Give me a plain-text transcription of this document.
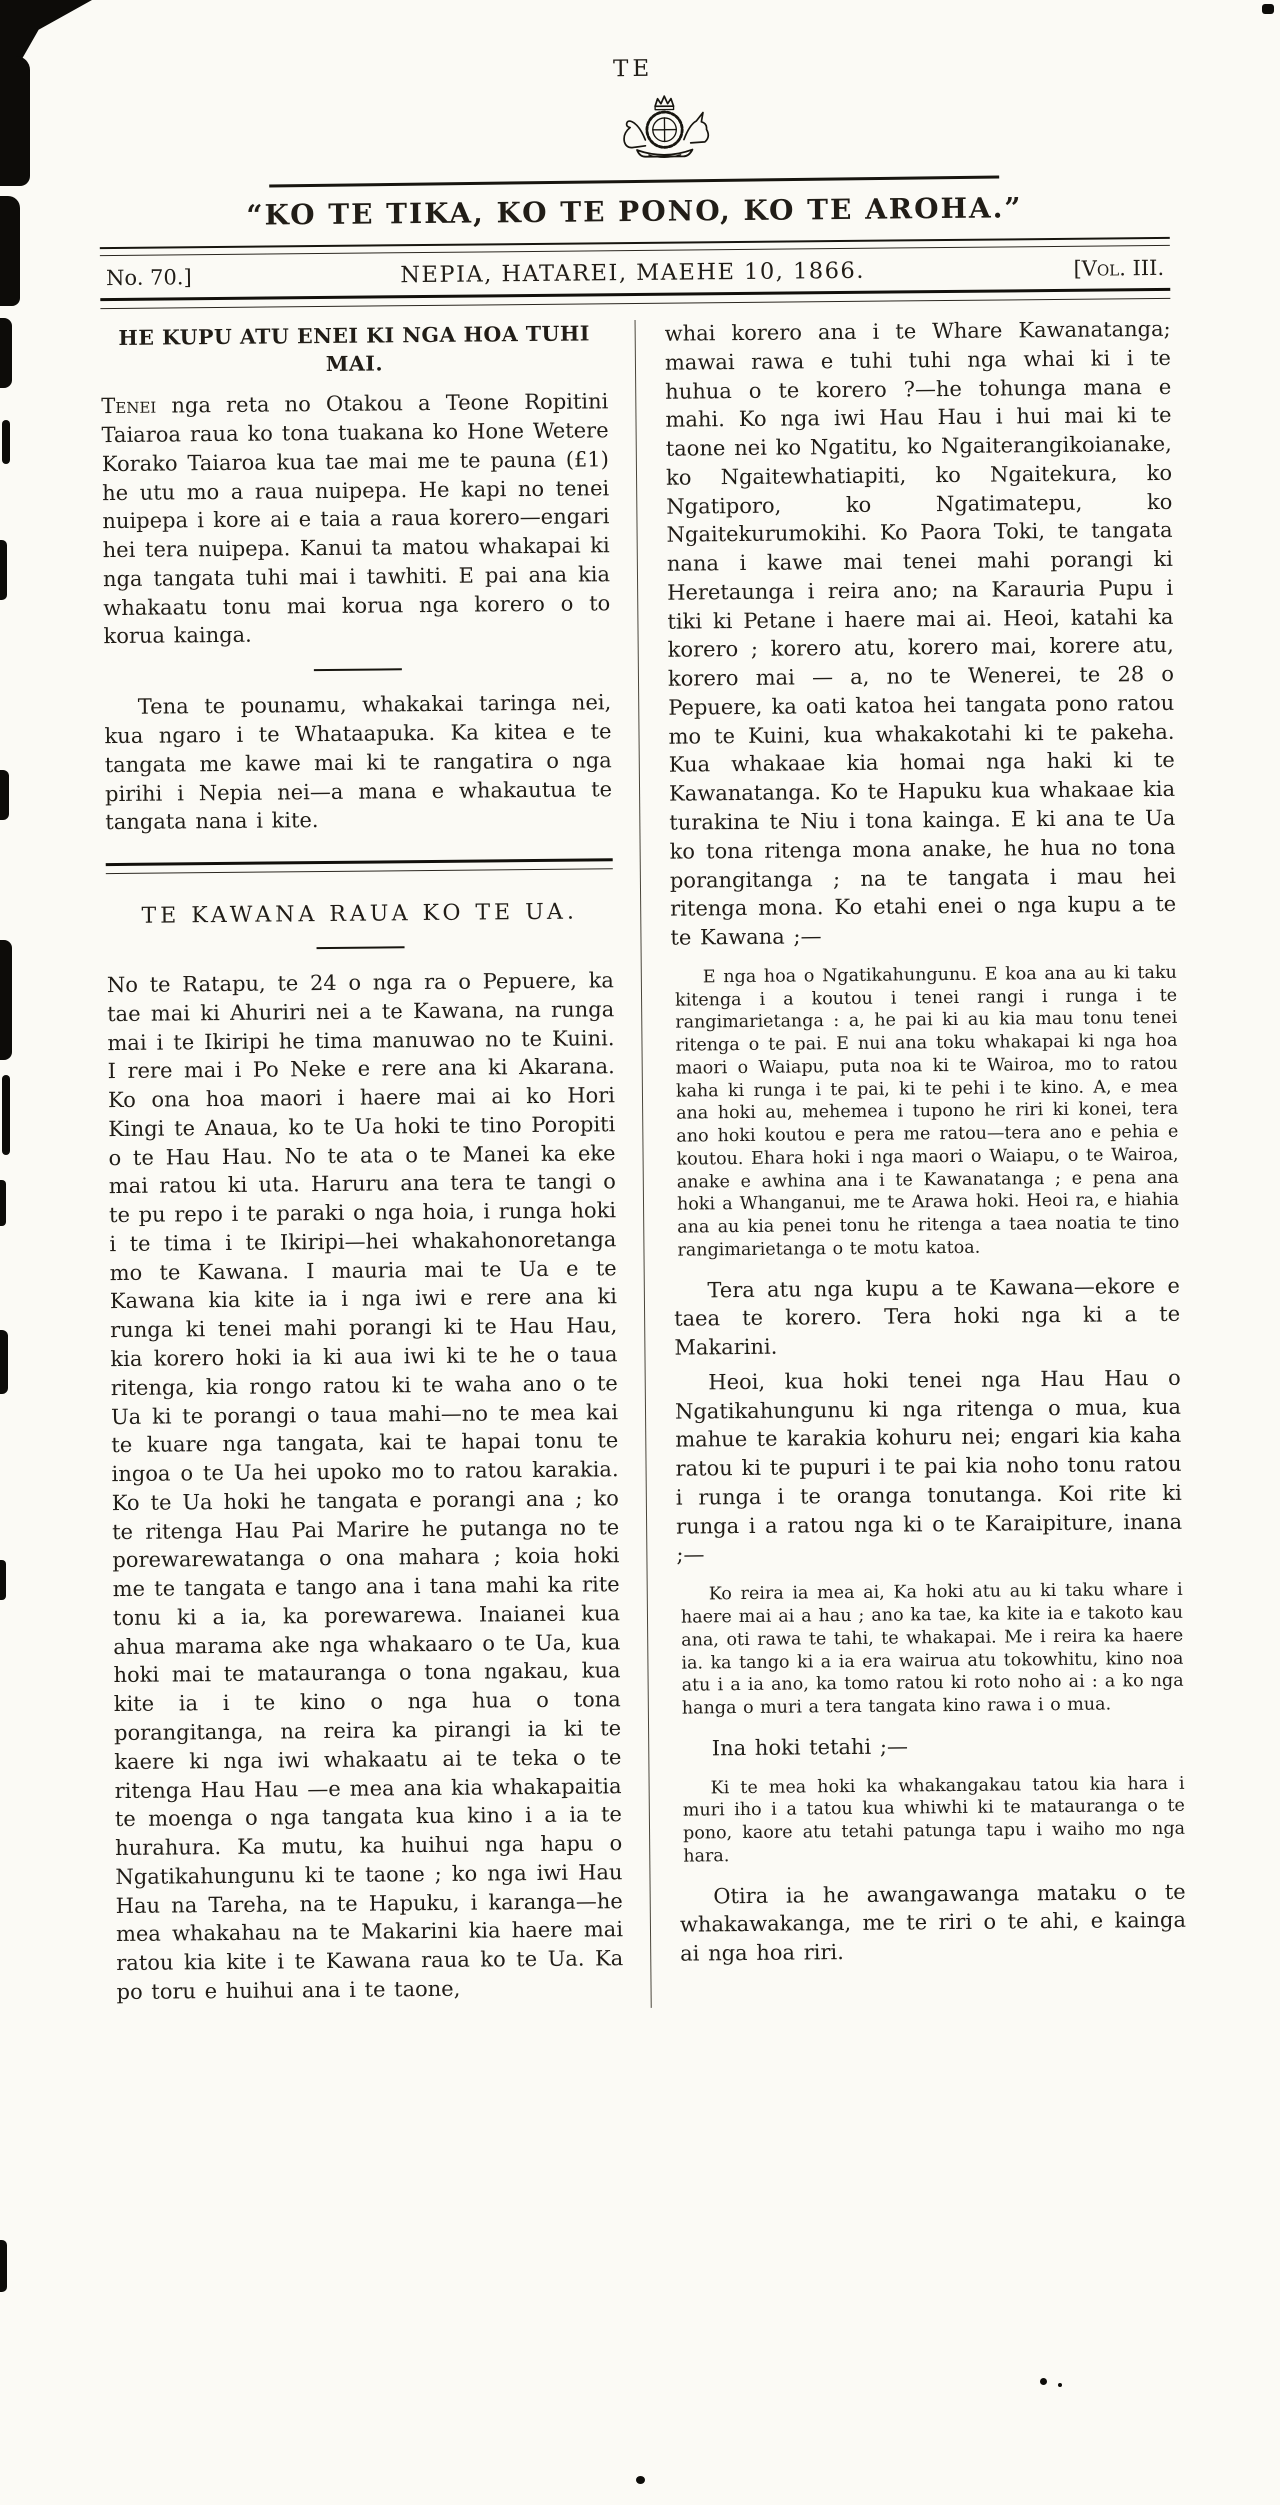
TE
WAKA MAORI O AHURIRI.
“KO TE TIKA, KO TE PONO, KO TE AROHA.”
No. 70.]	NEPIA, HATAREI, MAEHE 10, 1866.	[Vol. III.
HE KUPU ATU ENEI KI NGA HOA TUHI MAI.

Tenei nga reta no Otakou a Teone Ropitini Taiaroa raua ko tona tuakana ko Hone Wetere Korako Taiaroa kua tae mai me te pauna (£1) he utu mo a raua nuipepa. He kapi no tenei nuipepa i kore ai e taia a raua korero—engari hei tera nuipepa. Kanui ta matou whakapai ki nga tangata tuhi mai i tawhiti. E pai ana kia whakaatu tonu mai korua nga korero o to korua kainga.

Tena te pounamu, whakakai taringa nei, kua ngaro i te Whataapuka. Ka kitea e te tangata me kawe mai ki te rangatira o nga pirihi i Nepia nei—a mana e whakautua te tangata nana i kite.

TE KAWANA RAUA KO TE UA.

No te Ratapu, te 24 o nga ra o Pepuere, ka tae mai ki Ahuriri nei a te Kawana, na runga mai i te Ikiripi he tima manuwao no te Kuini. I rere mai i Po Neke e rere ana ki Akarana. Ko ona hoa maori i haere mai ai ko Hori Kingi te Anaua, ko te Ua hoki te tino Poropiti o te Hau Hau. No te ata o te Manei ka eke mai ratou ki uta. Haruru ana tera te tangi o te pu repo i te paraki o nga hoia, i runga hoki i te tima i te Ikiripi—hei whakahonoretanga mo te Kawana. I mauria mai te Ua e te Kawana kia kite ia i nga iwi e rere ana ki runga ki tenei mahi porangi ki te Hau Hau, kia korero hoki ia ki aua iwi ki te he o taua ritenga, kia rongo ratou ki te waha ano o te Ua ki te porangi o taua mahi—no te mea kai te kuare nga tangata, kai te hapai tonu te ingoa o te Ua hei upoko mo to ratou karakia. Ko te Ua hoki he tangata e porangi ana ; ko te ritenga Hau Pai Marire he putanga no te porewarewatanga o ona mahara ; koia hoki me te tangata e tango ana i tana mahi ka rite tonu ki a ia, ka porewarewa. Inaianei kua ahua marama ake nga whakaaro o te Ua, kua hoki mai te matauranga o tona ngakau, kua kite ia i te kino o nga hua o tona porangitanga, na reira ka pirangi ia ki te kaere ki nga iwi whakaatu ai te teka o te ritenga Hau Hau —e mea ana kia whakapaitia te moenga o nga tangata kua kino i a ia te hurahura. Ka mutu, ka huihui nga hapu o Ngatikahungunu ki te taone ; ko nga iwi Hau Hau na Tareha, na te Hapuku, i karanga—he mea whakahau na te Makarini kia haere mai ratou kia kite i te Kawana raua ko te Ua. Ka po toru e huihui ana i te taone,

whai korero ana i te Whare Kawanatanga; mawai rawa e tuhi tuhi nga whai ki i te huhua o te korero ?—he tohunga mana e mahi. Ko nga iwi Hau Hau i hui mai ki te taone nei ko Ngatitu, ko Ngaiterangikoianake, ko Ngaitewhatiapiti, ko Ngaitekura, ko Ngatiporo, ko Ngatimatepu, ko Ngaitekurumokihi. Ko Paora Toki, te tangata nana i kawe mai tenei mahi porangi ki Heretaunga i reira ano; na Karauria Pupu i tiki ki Petane i haere mai ai. Heoi, katahi ka korero ; korero atu, korero mai, korere atu, korero mai — a, no te Wenerei, te 28 o Pepuere, ka oati katoa hei tangata pono ratou mo te Kuini, kua whakakotahi ki te pakeha. Kua whakaae kia homai nga haki ki te Kawanatanga. Ko te Hapuku kua whakaae kia turakina te Niu i tona kainga. E ki ana te Ua ko tona ritenga mona anake, he hua no tona porangitanga ; na te tangata i mau hei ritenga mona. Ko etahi enei o nga kupu a te te Kawana ;—

E nga hoa o Ngatikahungunu. E koa ana au ki taku kitenga i a koutou i tenei rangi i runga i te rangimarietanga : a, he pai ki au kia mau tonu tenei ritenga o te pai. E nui ana toku whakapai ki nga hoa maori o Waiapu, puta noa ki te Wairoa, mo to ratou kaha ki runga i te pai, ki te pehi i te kino. A, e mea ana hoki au, mehemea i tupono he riri ki konei, tera ano hoki koutou e pera me ratou—tera ano e pehia e koutou. Ehara hoki i nga maori o Waiapu, o te Wairoa, anake e awhina ana i te Kawanatanga ; e pena ana hoki a Whanganui, me te Arawa hoki. Heoi ra, e hiahia ana au kia penei tonu he ritenga a taea noatia te tino rangimarietanga o te motu katoa.

Tera atu nga kupu a te Kawana—ekore e taea te korero. Tera hoki nga ki a te Makarini.

Heoi, kua hoki tenei nga Hau Hau o Ngatikahungunu ki nga ritenga o mua, kua mahue te karakia kohuru nei; engari kia kaha ratou ki te pupuri i te pai kia noho tonu ratou i runga i te oranga tonutanga. Koi rite ki runga i a ratou nga ki o te Karaipiture, inana ;—

Ko reira ia mea ai, Ka hoki atu au ki taku whare i haere mai ai a hau ; ano ka tae, ka kite ia e takoto kau ana, oti rawa te tahi, te whakapai. Me i reira ka haere ia. ka tango ki a ia era wairua atu tokowhitu, kino noa atu i a ia ano, ka tomo ratou ki roto noho ai : a ko nga hanga o muri a tera tangata kino rawa i o mua.

Ina hoki tetahi ;—

Ki te mea hoki ka whakangakau tatou kia hara i muri iho i a tatou kua whiwhi ki te matauranga o te pono, kaore atu tetahi patunga tapu i waiho mo nga hara.

Otira ia he awangawanga mataku o te whakawakanga, me te riri o te ahi, e kainga ai nga hoa riri.
